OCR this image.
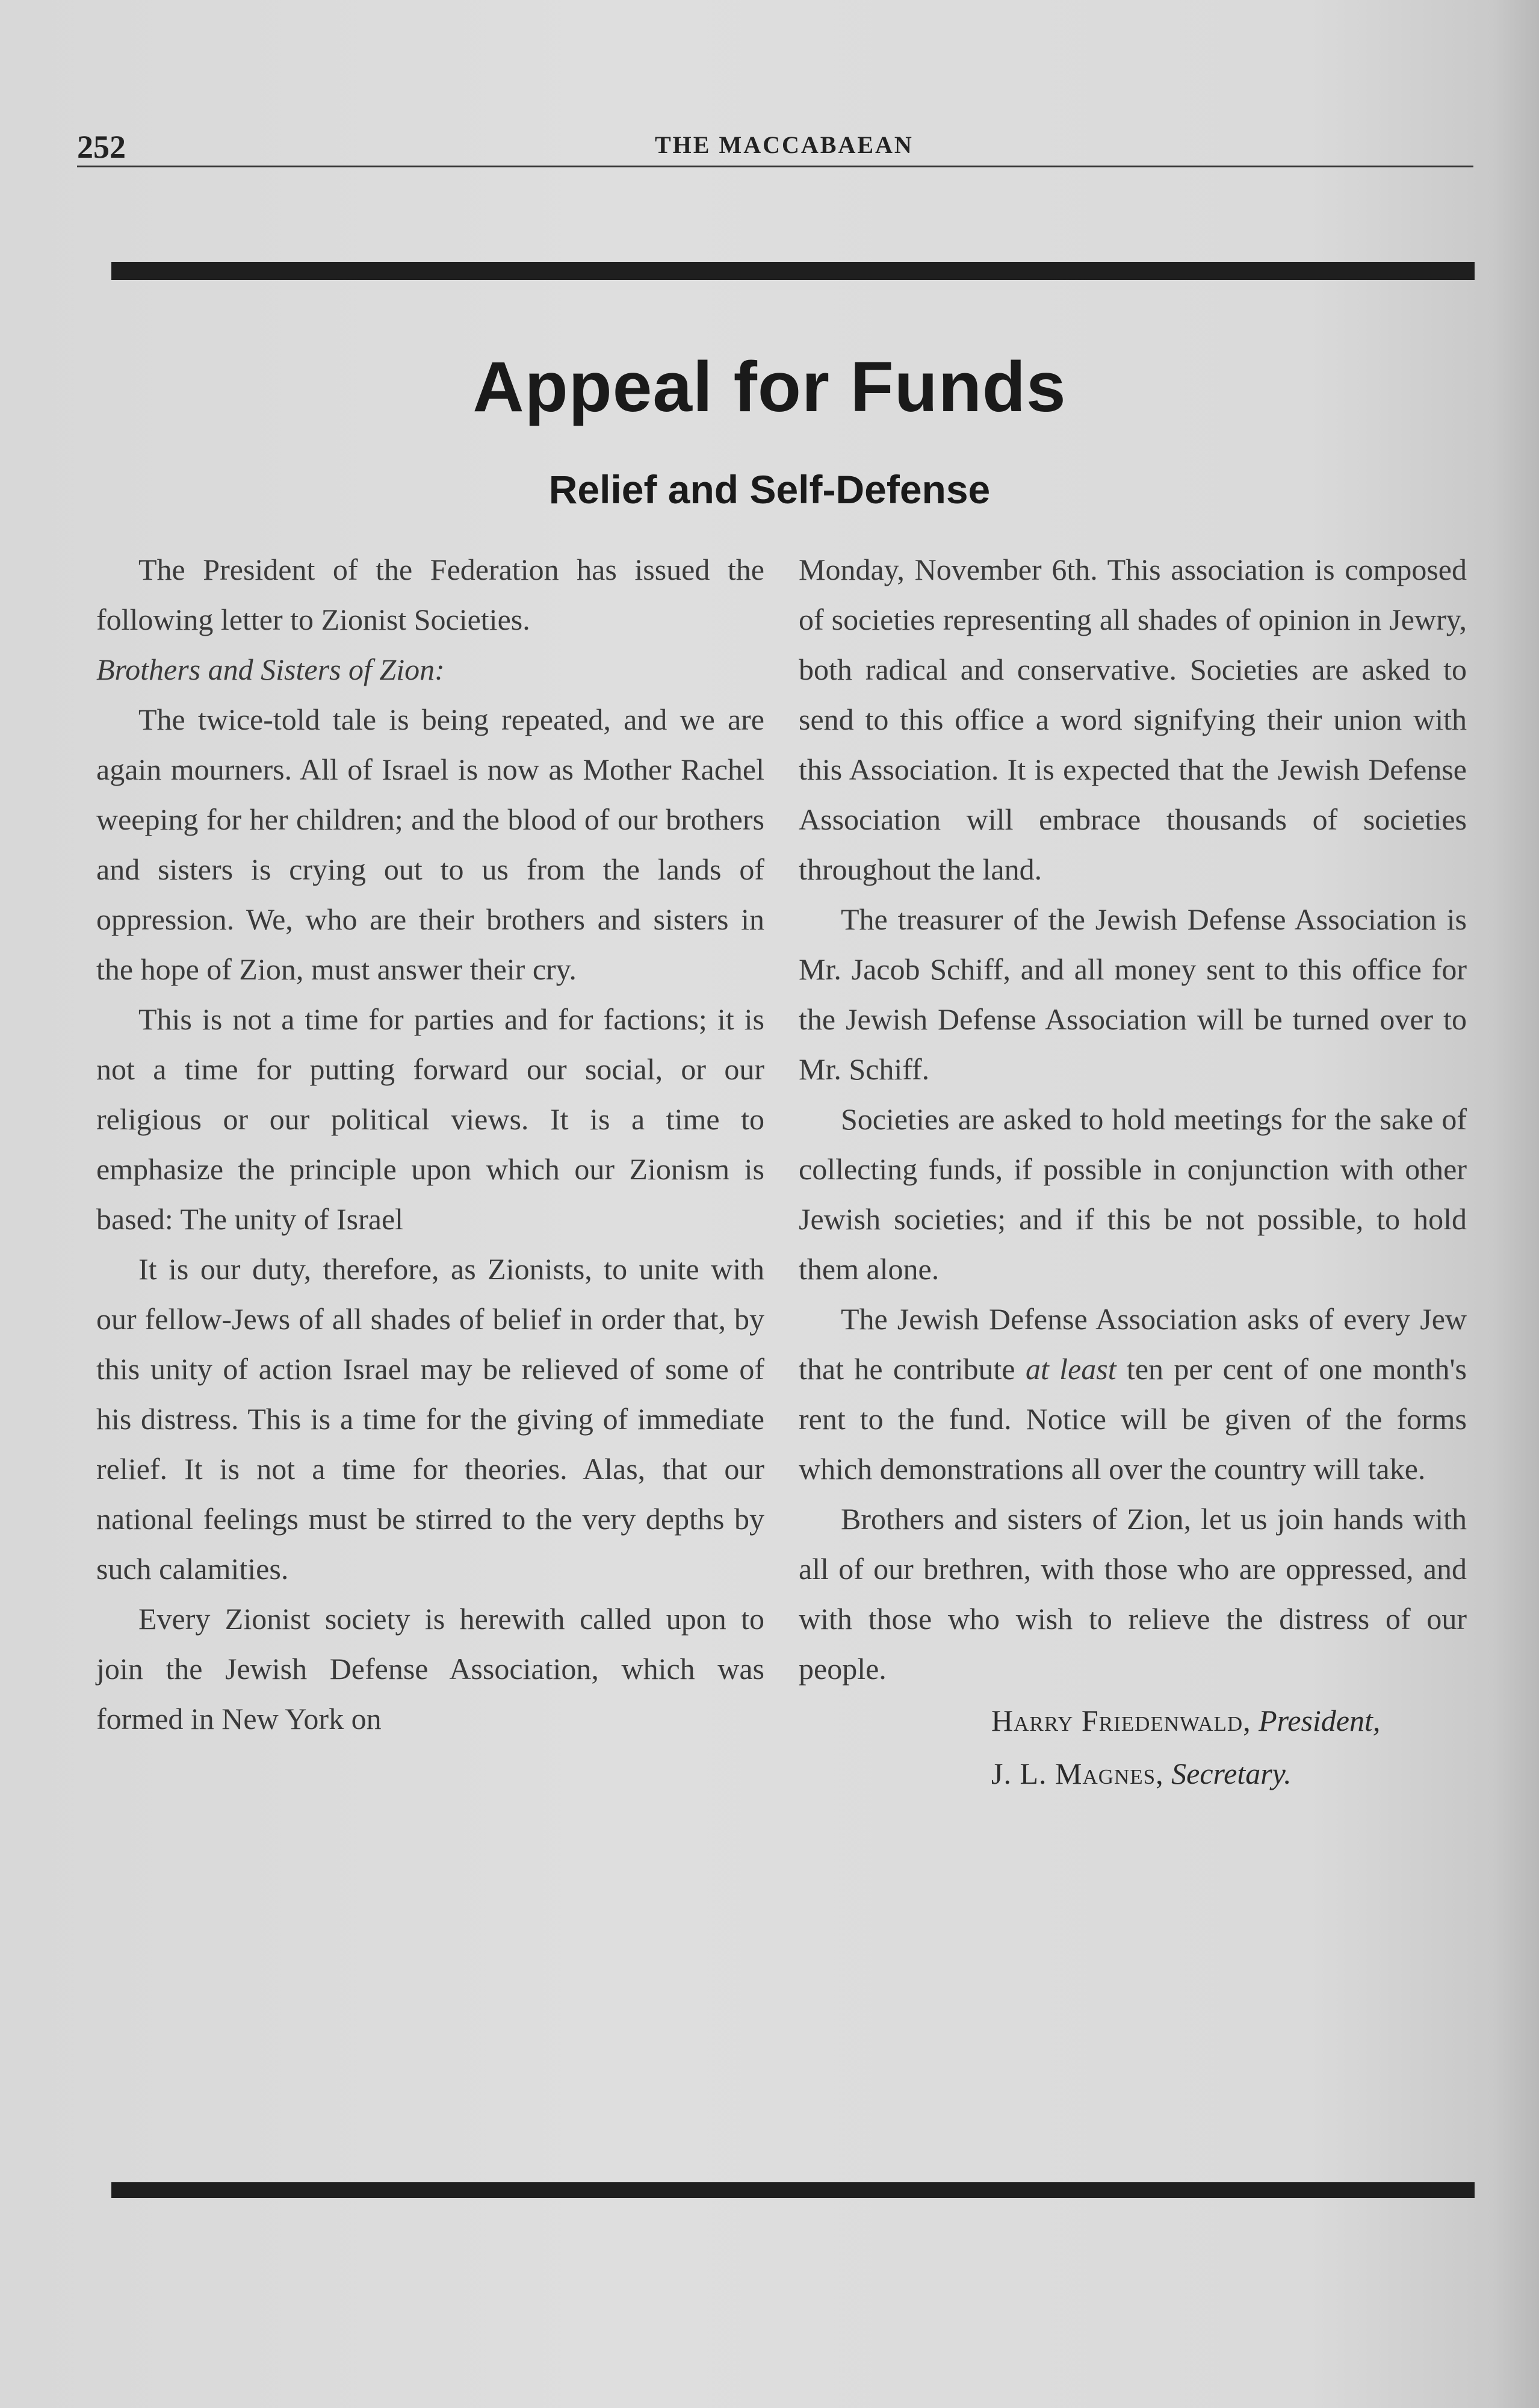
252	THE MACCABAEAN
Appeal for Funds
Relief and Self-Defense

The President of the Federation has issued the following letter to Zionist Societies.

Brothers and Sisters of Zion:

The twice-told tale is being repeated, and we are again mourners. All of Israel is now as Mother Rachel weeping for her children; and the blood of our brothers and sisters is crying out to us from the lands of oppression. We, who are their brothers and sisters in the hope of Zion, must answer their cry.

This is not a time for parties and for factions; it is not a time for putting forward our social, or our religious or our political views. It is a time to emphasize the principle upon which our Zionism is based: The unity of Israel

It is our duty, therefore, as Zionists, to unite with our fellow-Jews of all shades of belief in order that, by this unity of action Israel may be relieved of some of his distress. This is a time for the giving of immediate relief. It is not a time for theories. Alas, that our national feelings must be stirred to the very depths by such calamities.

Every Zionist society is herewith called upon to join the Jewish Defense Association, which was formed in New York on

Monday, November 6th. This association is composed of societies representing all shades of opinion in Jewry, both radical and conservative. Societies are asked to send to this office a word signifying their union with this Association. It is expected that the Jewish Defense Association will embrace thousands of societies throughout the land.

The treasurer of the Jewish Defense Association is Mr. Jacob Schiff, and all money sent to this office for the Jewish Defense Association will be turned over to Mr. Schiff.

Societies are asked to hold meetings for the sake of collecting funds, if possible in conjunction with other Jewish societies; and if this be not possible, to hold them alone.

The Jewish Defense Association asks of every Jew that he contribute at least ten per cent of one month's rent to the fund. Notice will be given of the forms which demonstrations all over the country will take.

Brothers and sisters of Zion, let us join hands with all of our brethren, with those who are oppressed, and with those who wish to relieve the distress of our people.

Harry Friedenwald, President,

J. L. Magnes, Secretary.
